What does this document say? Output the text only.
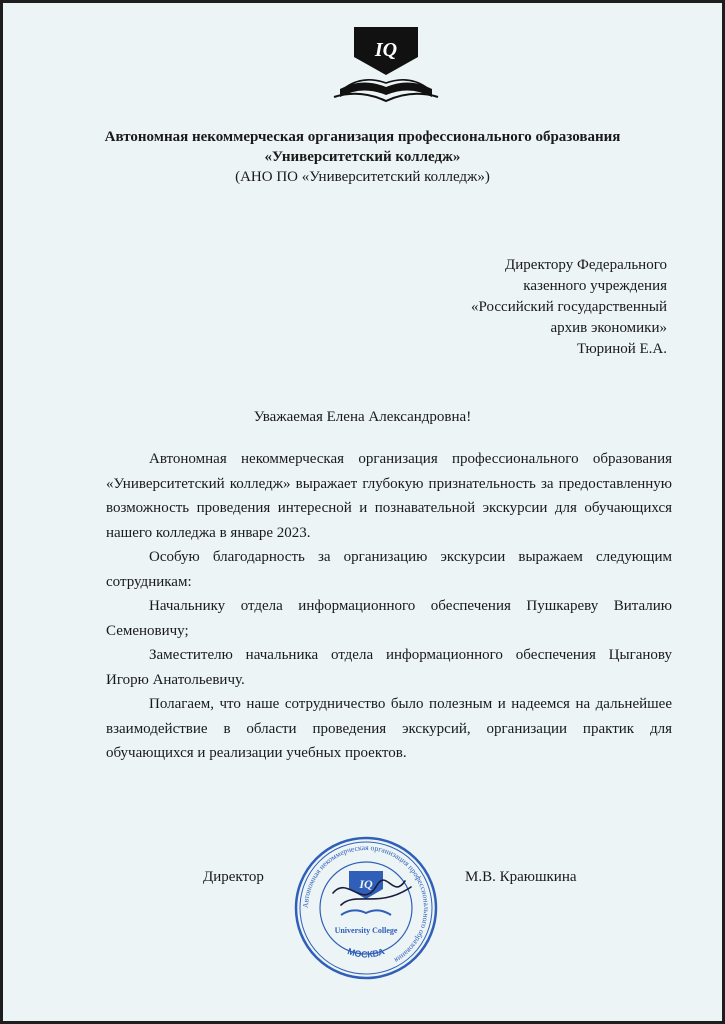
IQ
Автономная некоммерческая организация профессионального образования
«Университетский колледж»
(АНО ПО «Университетский колледж»)
Директору Федерального
казенного учреждения
«Российский государственный
архив экономики»
Тюриной Е.А.
Уважаемая Елена Александровна!

Автономная некоммерческая организация профессионального образования «Университетский колледж» выражает глубокую признательность за предоставленную возможность проведения интересной и познавательной экскурсии для обучающихся нашего колледжа в январе 2023.

Особую благодарность за организацию экскурсии выражаем следующим сотрудникам:

Начальнику отдела информационного обеспечения Пушкареву Виталию Семеновичу;

Заместителю начальника отдела информационного обеспечения Цыганову Игорю Анатольевичу.

Полагаем, что наше сотрудничество было полезным и надеемся на дальнейшее взаимодействие в области проведения экскурсий, организации практик для обучающихся и реализации учебных проектов.

Автономная некоммерческая организация профессионального образования
IQ
University College
МОСКВА
Директор	М.В. Краюшкина
